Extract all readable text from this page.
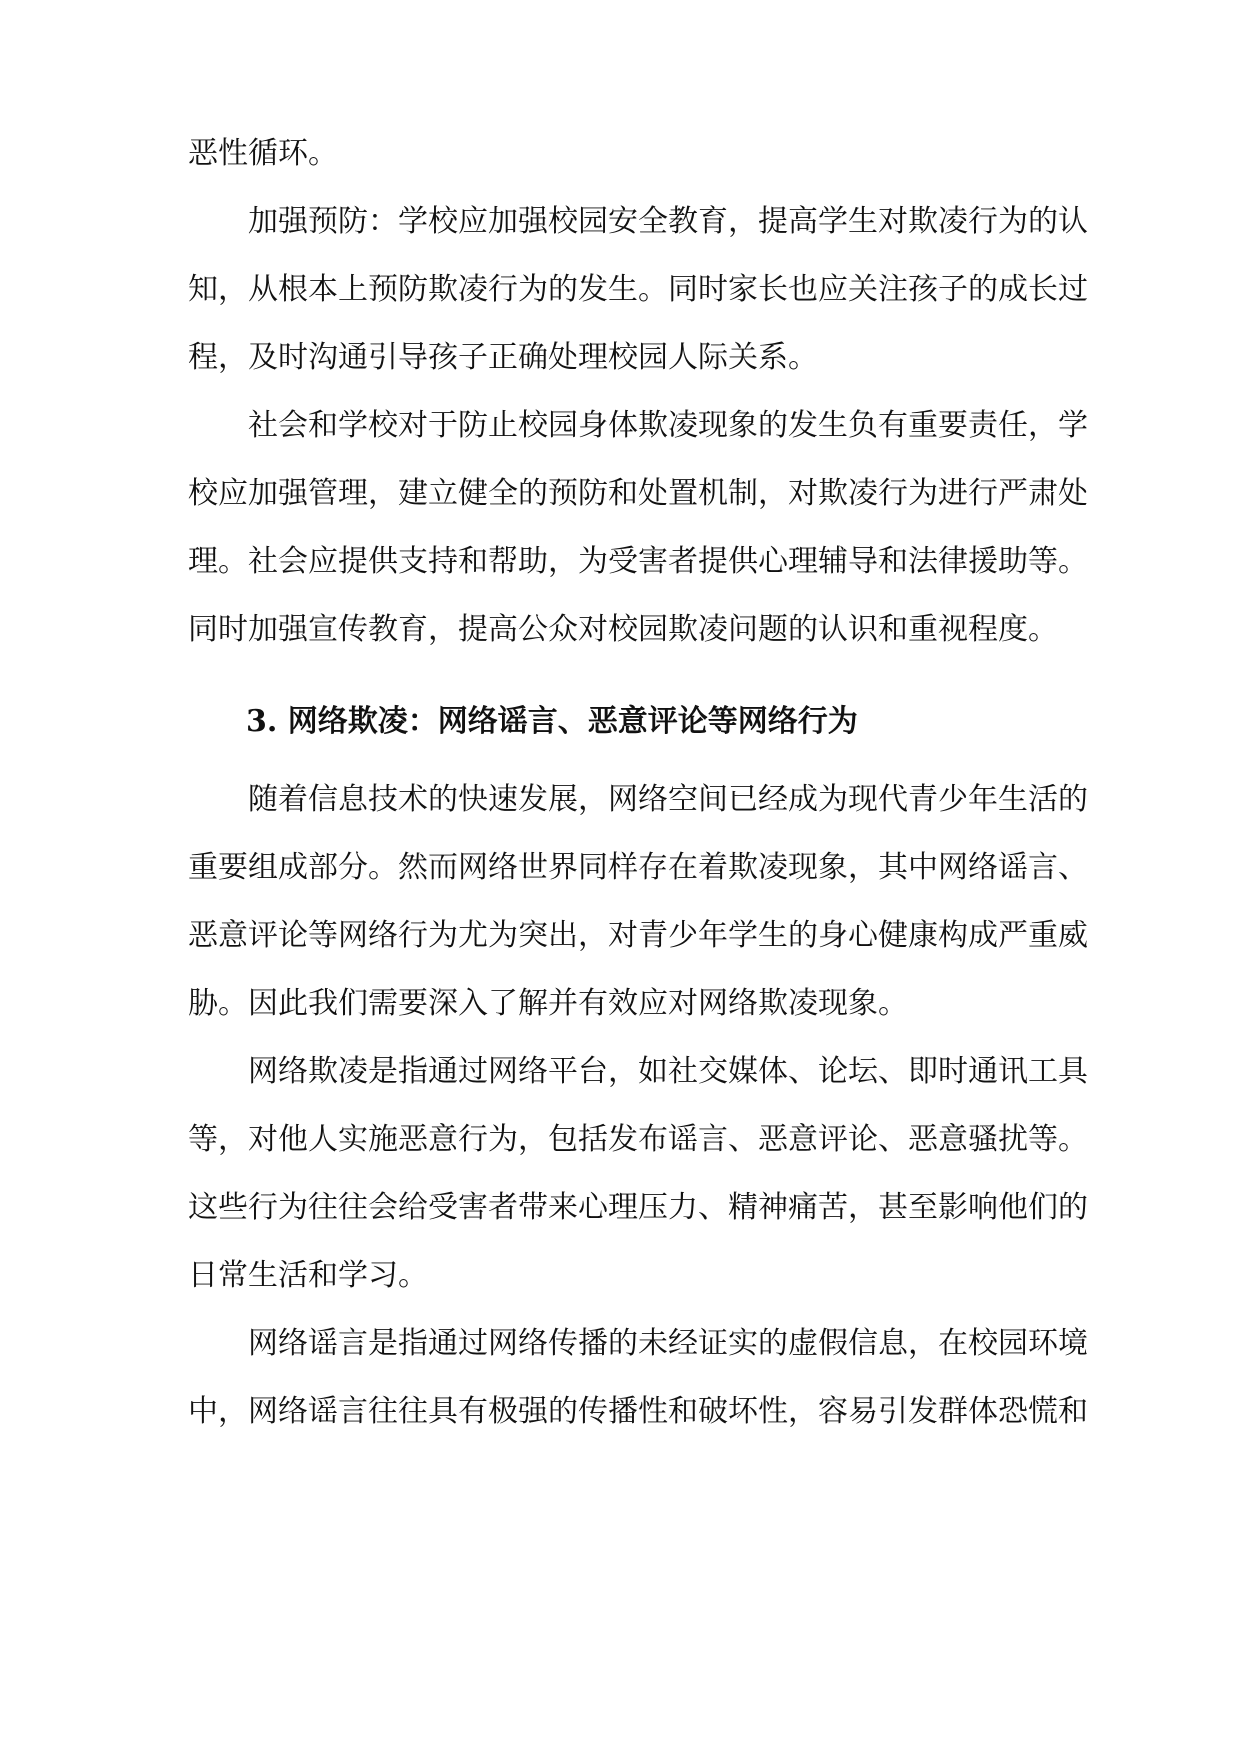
恶性循环。
加强预防：学校应加强校园安全教育，提高学生对欺凌行为的认
知，从根本上预防欺凌行为的发生。同时家长也应关注孩子的成长过
程，及时沟通引导孩子正确处理校园人际关系。
社会和学校对于防止校园身体欺凌现象的发生负有重要责任，学
校应加强管理，建立健全的预防和处置机制，对欺凌行为进行严肃处
理。社会应提供支持和帮助，为受害者提供心理辅导和法律援助等。
同时加强宣传教育，提高公众对校园欺凌问题的认识和重视程度。
3. 网络欺凌：网络谣言、恶意评论等网络行为
随着信息技术的快速发展，网络空间已经成为现代青少年生活的
重要组成部分。然而网络世界同样存在着欺凌现象，其中网络谣言、
恶意评论等网络行为尤为突出，对青少年学生的身心健康构成严重威
胁。因此我们需要深入了解并有效应对网络欺凌现象。
网络欺凌是指通过网络平台，如社交媒体、论坛、即时通讯工具
等，对他人实施恶意行为，包括发布谣言、恶意评论、恶意骚扰等。
这些行为往往会给受害者带来心理压力、精神痛苦，甚至影响他们的
日常生活和学习。
网络谣言是指通过网络传播的未经证实的虚假信息，在校园环境
中，网络谣言往往具有极强的传播性和破坏性，容易引发群体恐慌和
